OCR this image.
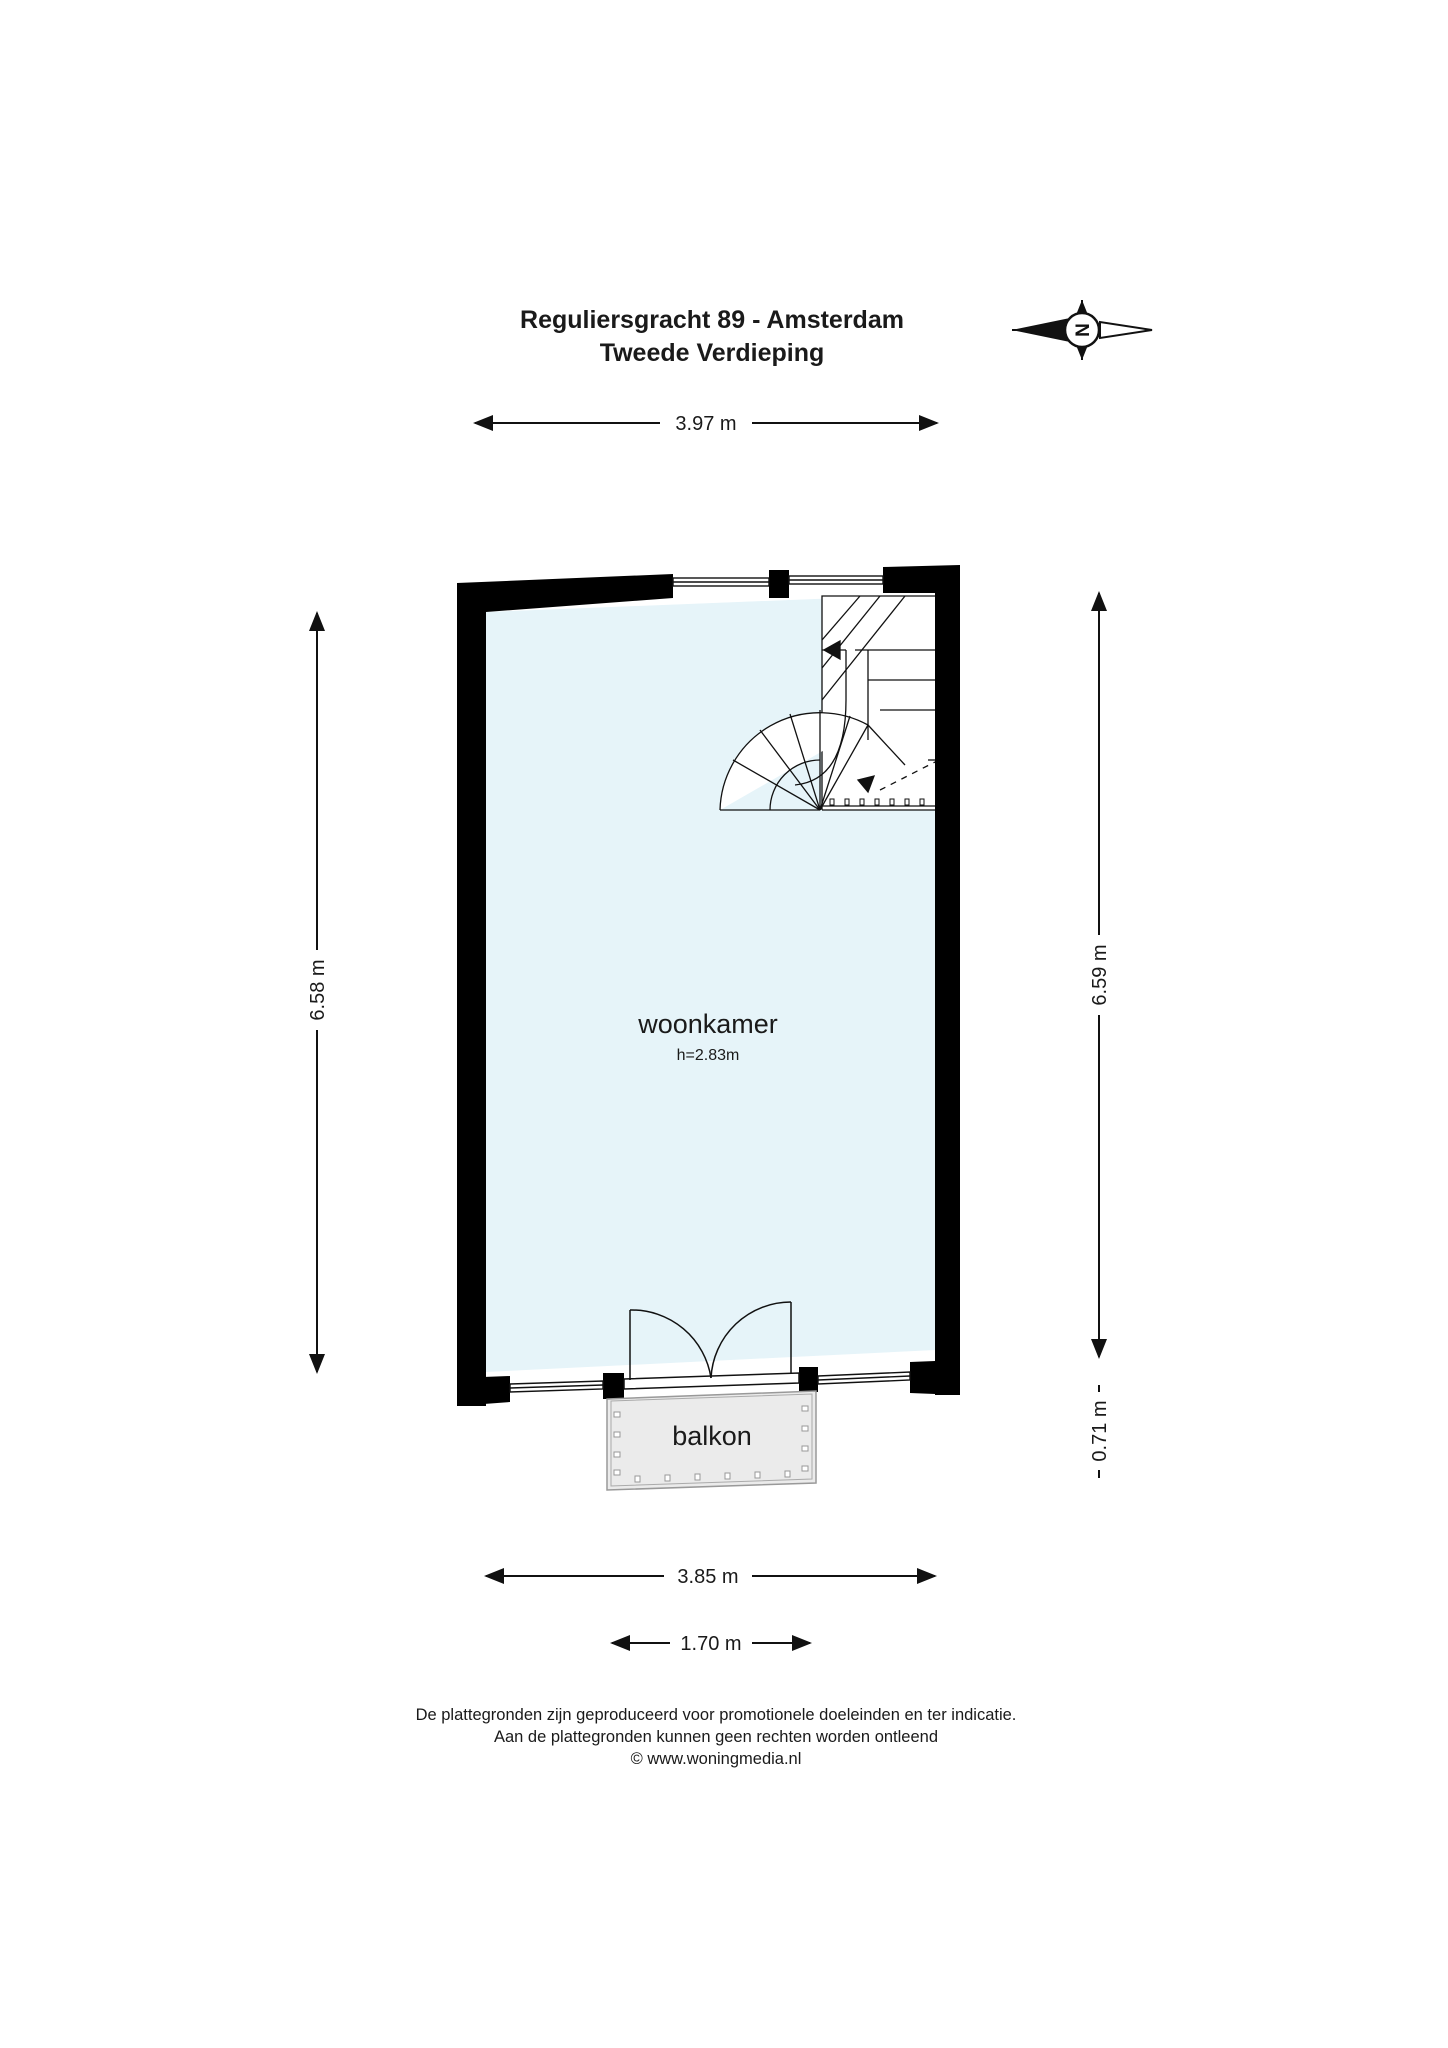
Reguliersgracht 89 - Amsterdam
Tweede Verdieping
N
3.97 m
6.58 m	6.59 m
0.71 m
woonkamer
h=2.83m
balkon
3.85 m
1.70 m
De plattegronden zijn geproduceerd voor promotionele doeleinden en ter indicatie.
Aan de plattegronden kunnen geen rechten worden ontleend
© www.woningmedia.nl
